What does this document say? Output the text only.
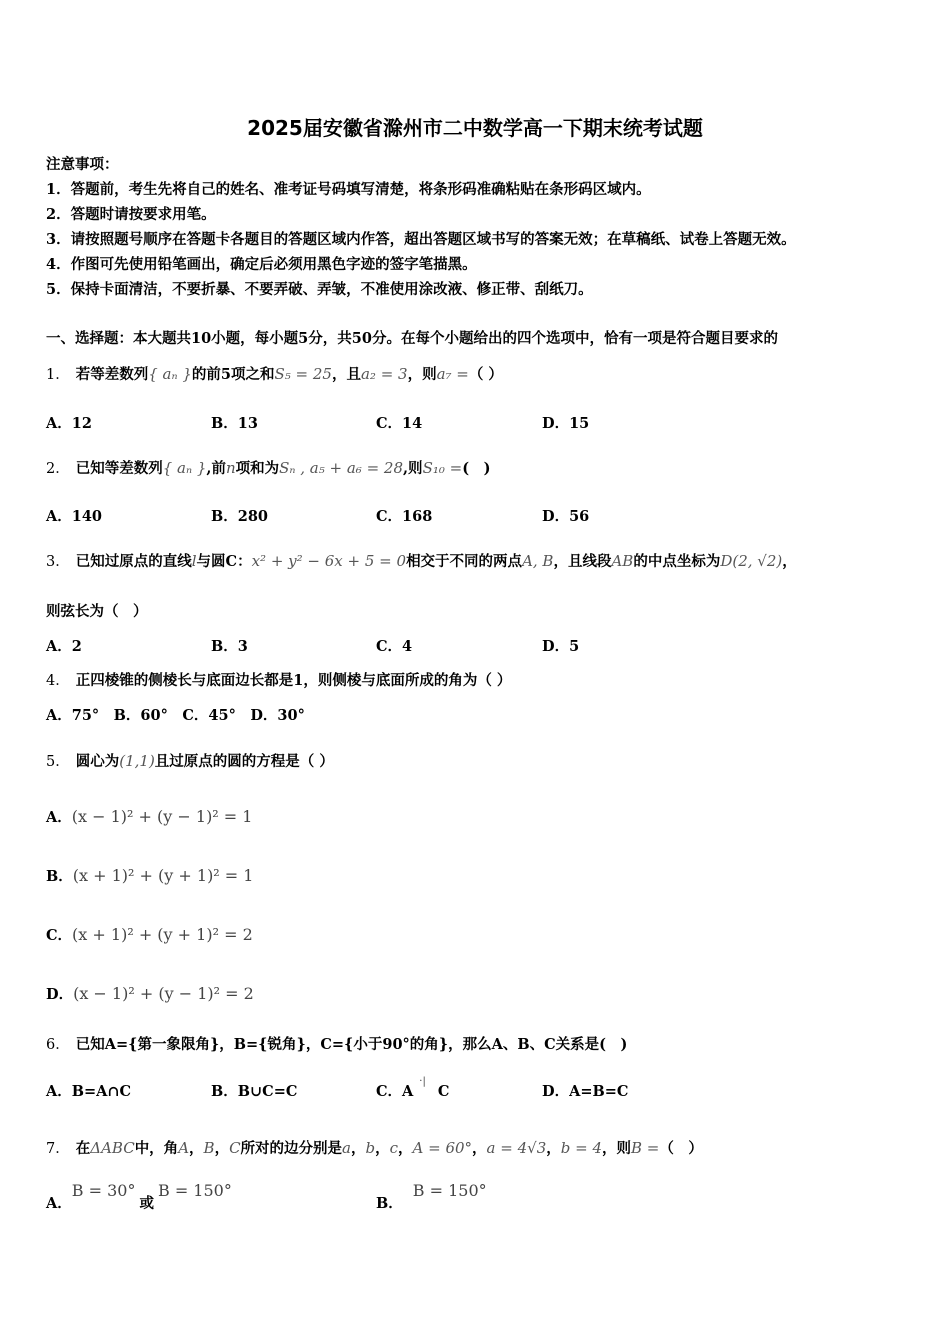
2025届安徽省滁州市二中数学高一下期末统考试题
注意事项：
1．答题前，考生先将自己的姓名、准考证号码填写清楚，将条形码准确粘贴在条形码区域内。
2．答题时请按要求用笔。
3．请按照题号顺序在答题卡各题目的答题区域内作答，超出答题区域书写的答案无效；在草稿纸、试卷上答题无效。
4．作图可先使用铅笔画出，确定后必须用黑色字迹的签字笔描黑。
5．保持卡面清洁，不要折暴、不要弄破、弄皱，不准使用涂改液、修正带、刮纸刀。
一、选择题：本大题共10小题，每小题5分，共50分。在每个小题给出的四个选项中，恰有一项是符合题目要求的
1． 若等差数列{ aₙ }的前5项之和S₅ = 25，且a₂ = 3，则a₇ =（ ）
A．12	B．13	C．14	D．15
2． 已知等差数列{ aₙ },前n项和为Sₙ , a₅ + a₆ = 28,则S₁₀ =(　)
A．140	B．280	C．168	D．56
3． 已知过原点的直线l与圆C：x² + y² − 6x + 5 = 0相交于不同的两点A, B，且线段AB的中点坐标为D(2, √2)，
则弦长为（　）
A．2	B．3	C．4	D．5
4． 正四棱锥的侧棱长与底面边长都是1，则侧棱与底面所成的角为（ ）
A．75°　B．60°　C．45°　D．30°
5． 圆心为(1,1)且过原点的圆的方程是（ ）
A．(x − 1)² + (y − 1)² = 1
B．(x + 1)² + (y + 1)² = 1
C．(x + 1)² + (y + 1)² = 2
D．(x − 1)² + (y − 1)² = 2
6． 已知A={第一象限角}，B={锐角}，C={小于90°的角}，那么A、B、C关系是(　)
A．B=A∩C	B．B∪C=C	C．A·|C	D．A=B=C
7． 在ΔABC中，角A，B，C所对的边分别是a，b，c，A = 60°，a = 4√3，b = 4，则B =（　）
A．B = 30°或B = 150°
B．B = 150°
